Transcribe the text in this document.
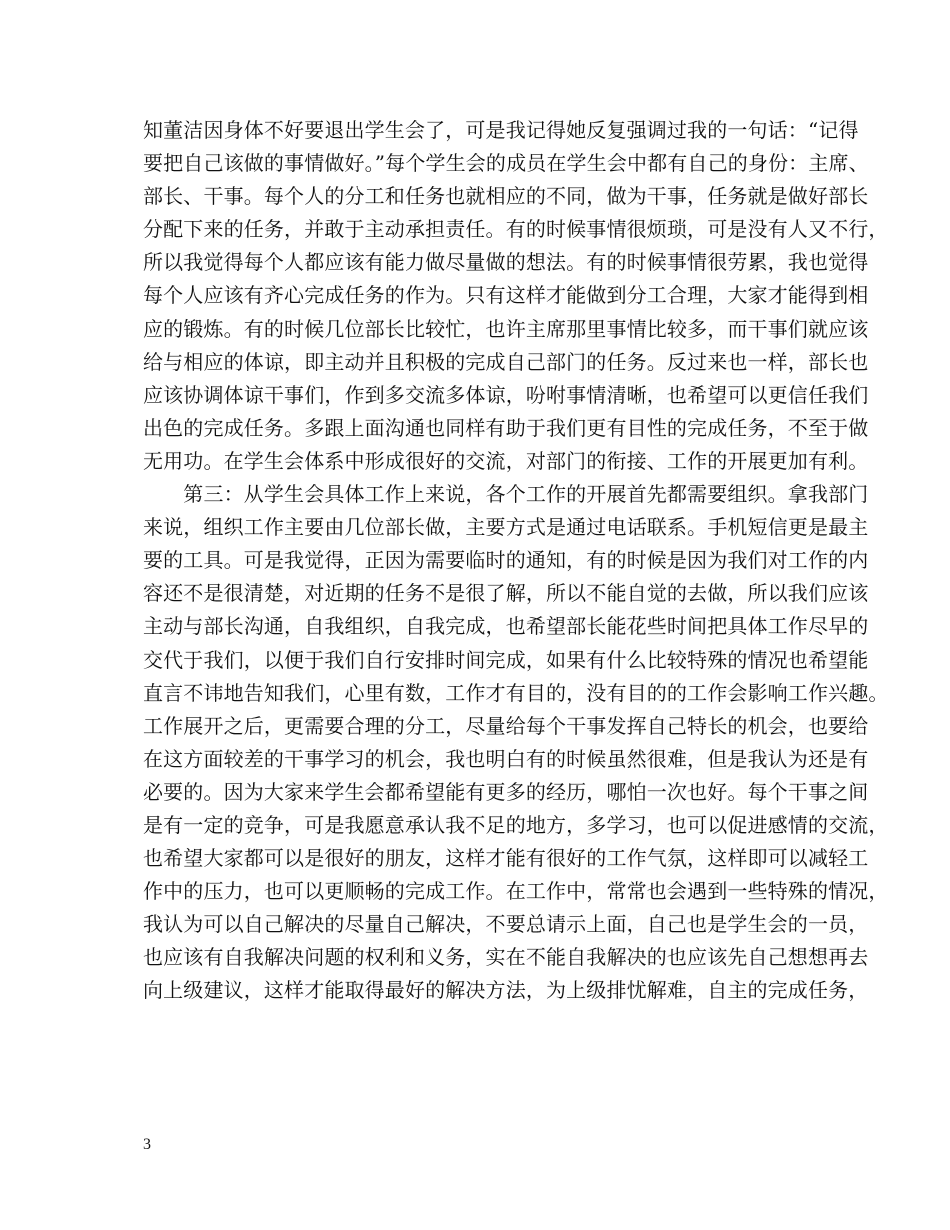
知董洁因身体不好要退出学生会了，可是我记得她反复强调过我的一句话：“记得
要把自己该做的事情做好。”每个学生会的成员在学生会中都有自己的身份：主席、
部长、干事。每个人的分工和任务也就相应的不同，做为干事，任务就是做好部长
分配下来的任务，并敢于主动承担责任。有的时候事情很烦琐，可是没有人又不行，
所以我觉得每个人都应该有能力做尽量做的想法。有的时候事情很劳累，我也觉得
每个人应该有齐心完成任务的作为。只有这样才能做到分工合理，大家才能得到相
应的锻炼。有的时候几位部长比较忙，也许主席那里事情比较多，而干事们就应该
给与相应的体谅，即主动并且积极的完成自己部门的任务。反过来也一样，部长也
应该协调体谅干事们，作到多交流多体谅，吩咐事情清晰，也希望可以更信任我们
出色的完成任务。多跟上面沟通也同样有助于我们更有目性的完成任务，不至于做
无用功。在学生会体系中形成很好的交流，对部门的衔接、工作的开展更加有利。
　　第三：从学生会具体工作上来说，各个工作的开展首先都需要组织。拿我部门
来说，组织工作主要由几位部长做，主要方式是通过电话联系。手机短信更是最主
要的工具。可是我觉得，正因为需要临时的通知，有的时候是因为我们对工作的内
容还不是很清楚，对近期的任务不是很了解，所以不能自觉的去做，所以我们应该
主动与部长沟通，自我组织，自我完成，也希望部长能花些时间把具体工作尽早的
交代于我们，以便于我们自行安排时间完成，如果有什么比较特殊的情况也希望能
直言不讳地告知我们，心里有数，工作才有目的，没有目的的工作会影响工作兴趣。
工作展开之后，更需要合理的分工，尽量给每个干事发挥自己特长的机会，也要给
在这方面较差的干事学习的机会，我也明白有的时候虽然很难，但是我认为还是有
必要的。因为大家来学生会都希望能有更多的经历，哪怕一次也好。每个干事之间
是有一定的竞争，可是我愿意承认我不足的地方，多学习，也可以促进感情的交流，
也希望大家都可以是很好的朋友，这样才能有很好的工作气氛，这样即可以减轻工
作中的压力，也可以更顺畅的完成工作。在工作中，常常也会遇到一些特殊的情况，
我认为可以自己解决的尽量自己解决，不要总请示上面，自己也是学生会的一员，
也应该有自我解决问题的权利和义务，实在不能自我解决的也应该先自己想想再去
向上级建议，这样才能取得最好的解决方法，为上级排忧解难，自主的完成任务，
3
